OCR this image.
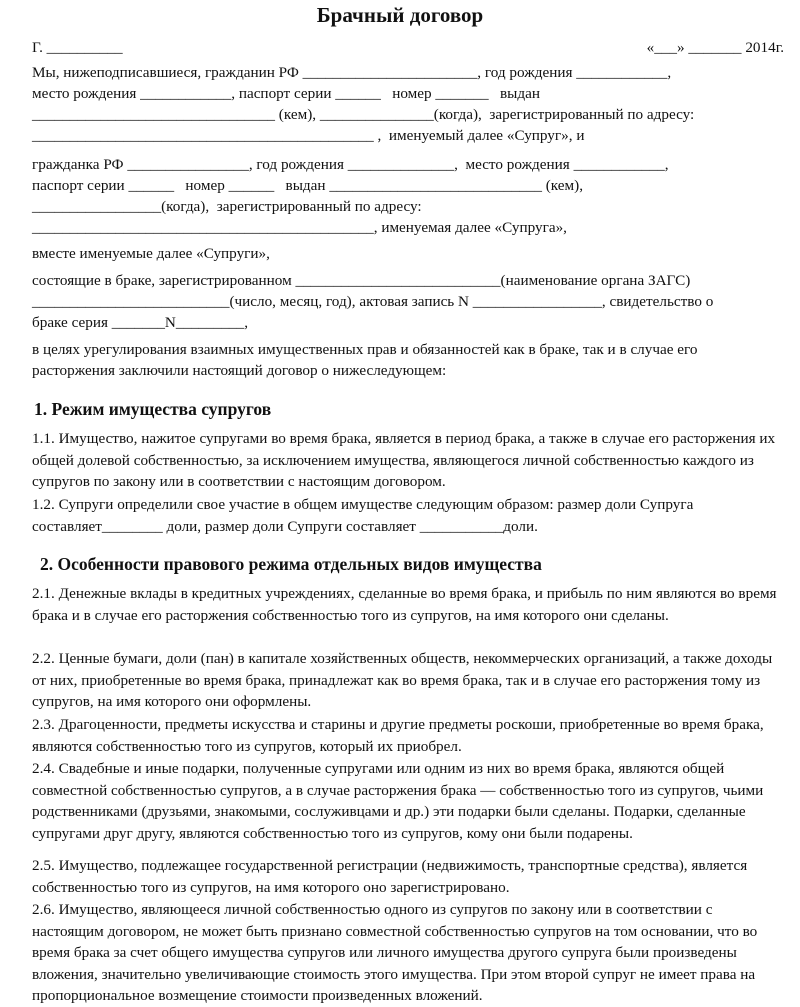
Брачный договор
Г. __________	«___» _______ 2014г.
Мы, нижеподписавшиеся, гражданин РФ _______________________, год рождения ____________,
место рождения ____________, паспорт серии ______   номер _______   выдан
________________________________ (кем), _______________(когда),  зарегистрированный по адресу:
_____________________________________________ ,  именуемый далее «Супруг», и
гражданка РФ ________________, год рождения ______________,  место рождения ____________,
паспорт серии ______   номер ______   выдан ____________________________ (кем),
_________________(когда),  зарегистрированный по адресу:
_____________________________________________, именуемая далее «Супруга»,
вместе именуемые далее «Супруги»,
состоящие в браке, зарегистрированном ___________________________(наименование органа ЗАГС)
__________________________(число, месяц, год), актовая запись N _________________, свидетельство о
браке серия _______N_________,
в целях урегулирования взаимных имущественных прав и обязанностей как в браке, так и в случае его
расторжения заключили настоящий договор о нижеследующем:
1. Режим имущества супругов
1.1. Имущество, нажитое супругами во время брака, является в период брака, а также в случае его расторжения их общей долевой собственностью, за исключением имущества, являющегося личной собственностью каждого из супругов по закону или в соответствии с настоящим договором.
1.2. Супруги определили свое участие в общем имуществе следующим образом: размер доли Супруга составляет________ доли, размер доли Супруги составляет ___________доли.
2. Особенности правового режима отдельных видов имущества
2.1. Денежные вклады в кредитных учреждениях, сделанные во время брака, и прибыль по ним являются во время брака и в случае его расторжения собственностью того из супругов, на имя которого они сделаны.
2.2. Ценные бумаги, доли (пан) в капитале хозяйственных обществ, некоммерческих организаций, а также доходы от них, приобретенные во время брака, принадлежат как во время брака, так и в случае его расторжения тому из супругов, на имя которого они оформлены.
2.3. Драгоценности, предметы искусства и старины и другие предметы роскоши, приобретенные во время брака, являются собственностью того из супругов, который их приобрел.
2.4. Свадебные и иные подарки, полученные супругами или одним из них во время брака, являются общей совместной собственностью супругов, а в случае расторжения брака — собственностью того из супругов, чьими родственниками (друзьями, знакомыми, сослуживцами и др.) эти подарки были сделаны. Подарки, сделанные супругами друг другу, являются собственностью того из супругов, кому они были подарены.
2.5. Имущество, подлежащее государственной регистрации (недвижимость, транспортные средства), является собственностью того из супругов, на имя которого оно зарегистрировано.
2.6. Имущество, являющееся личной собственностью одного из супругов по закону или в соответствии с настоящим договором, не может быть признано совместной собственностью супругов на том основании, что во время брака за счет общего имущества супругов или личного имущества другого супруга были произведены вложения, значительно увеличивающие стоимость этого имущества. При этом второй супруг не имеет права на пропорциональное возмещение стоимости произведенных вложений.
